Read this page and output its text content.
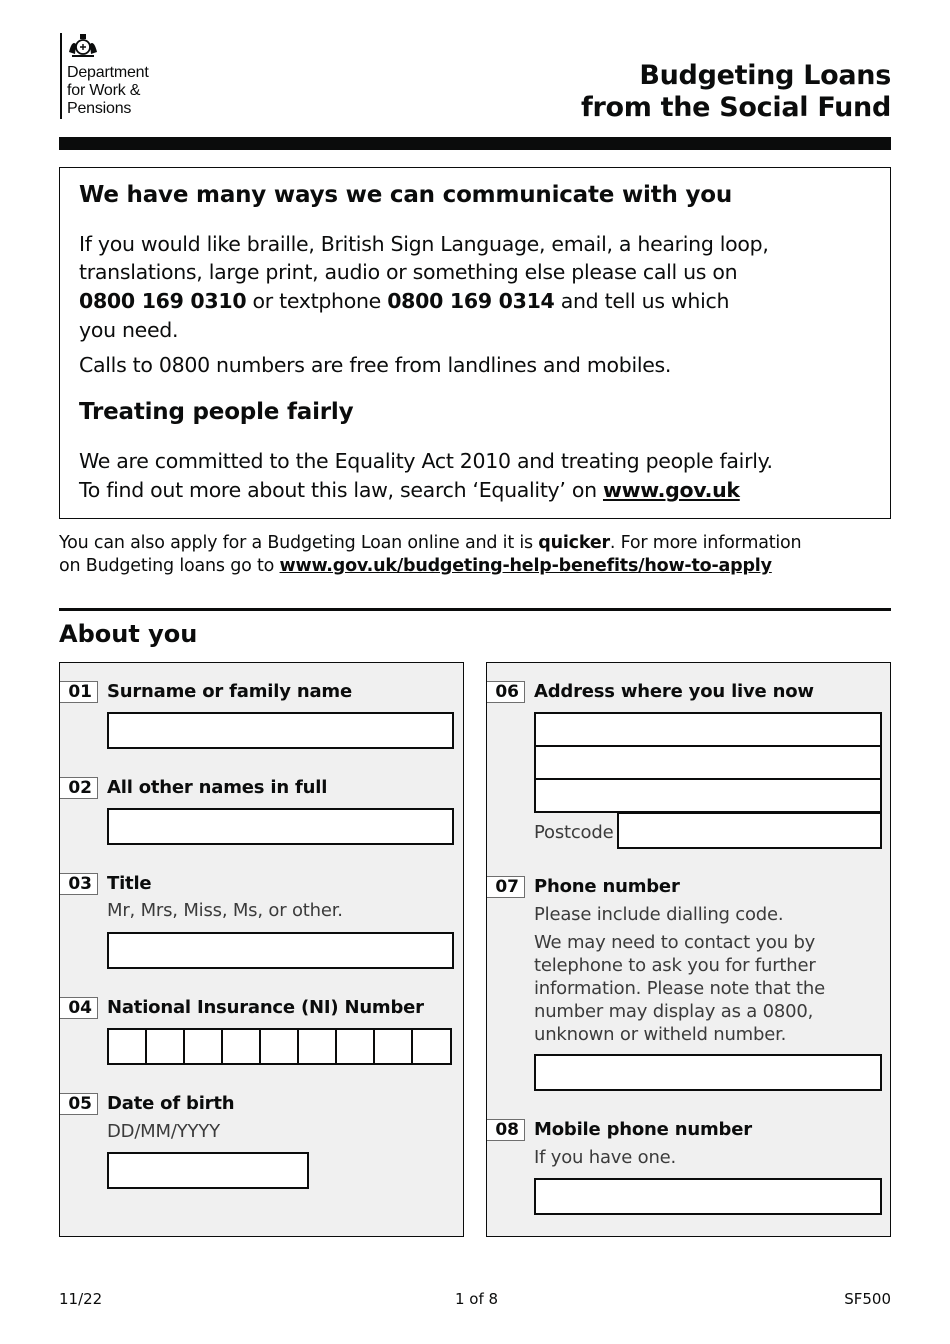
Department
for Work &
Pensions
Budgeting Loans
from the Social Fund
We have many ways we can communicate with you
If you would like braille, British Sign Language, email, a hearing loop,
translations, large print, audio or something else please call us on
0800 169 0310 or textphone 0800 169 0314 and tell us which
you need.
Calls to 0800 numbers are free from landlines and mobiles.
Treating people fairly
We are committed to the Equality Act 2010 and treating people fairly.
To find out more about this law, search ‘Equality’ on www.gov.uk
You can also apply for a Budgeting Loan online and it is quicker. For more information
on Budgeting loans go to www.gov.uk/budgeting-help-benefits/how-to-apply
About you
01 Surname or family name
02 All other names in full
03 Title
Mr, Mrs, Miss, Ms, or other.
04 National Insurance (NI) Number
05 Date of birth
DD/MM/YYYY
06 Address where you live now
Postcode
07 Phone number
Please include dialling code.
We may need to contact you by
telephone to ask you for further
information. Please note that the
number may display as a 0800,
unknown or witheld number.
08 Mobile phone number
If you have one.
11/22	1 of 8	SF500
